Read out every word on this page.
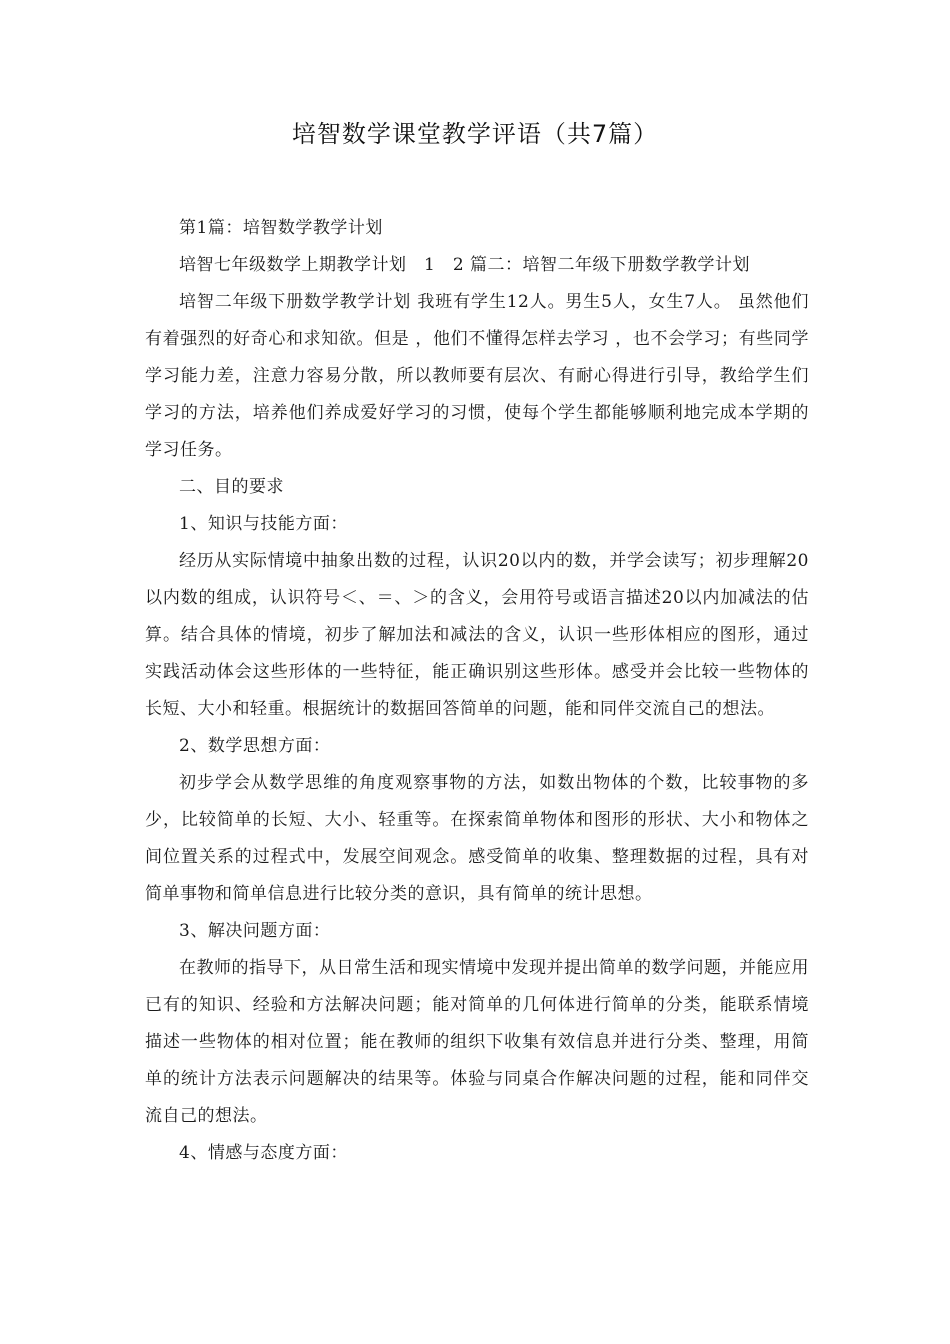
培智数学课堂教学评语（共7篇）

第1篇：培智数学教学计划

培智七年级数学上期教学计划　1　2 篇二：培智二年级下册数学教学计划

培智二年级下册数学教学计划 我班有学生12人。男生5人，女生7人。 虽然他们有着强烈的好奇心和求知欲。但是 ，他们不懂得怎样去学习 ，也不会学习；有些同学学习能力差，注意力容易分散，所以教师要有层次、有耐心得进行引导，教给学生们学习的方法，培养他们养成爱好学习的习惯，使每个学生都能够顺利地完成本学期的学习任务。

二、目的要求

1、知识与技能方面：

经历从实际情境中抽象出数的过程，认识20以内的数，并学会读写；初步理解20以内数的组成，认识符号＜、＝、＞的含义，会用符号或语言描述20以内加减法的估算。结合具体的情境，初步了解加法和减法的含义，认识一些形体相应的图形，通过实践活动体会这些形体的一些特征，能正确识别这些形体。感受并会比较一些物体的长短、大小和轻重。根据统计的数据回答简单的问题，能和同伴交流自己的想法。

2、数学思想方面：

初步学会从数学思维的角度观察事物的方法，如数出物体的个数，比较事物的多少，比较简单的长短、大小、轻重等。在探索简单物体和图形的形状、大小和物体之间位置关系的过程式中，发展空间观念。感受简单的收集、整理数据的过程，具有对简单事物和简单信息进行比较分类的意识，具有简单的统计思想。

3、解决问题方面：

在教师的指导下，从日常生活和现实情境中发现并提出简单的数学问题，并能应用已有的知识、经验和方法解决问题；能对简单的几何体进行简单的分类，能联系情境描述一些物体的相对位置；能在教师的组织下收集有效信息并进行分类、整理，用简单的统计方法表示问题解决的结果等。体验与同桌合作解决问题的过程，能和同伴交流自己的想法。

4、情感与态度方面：
